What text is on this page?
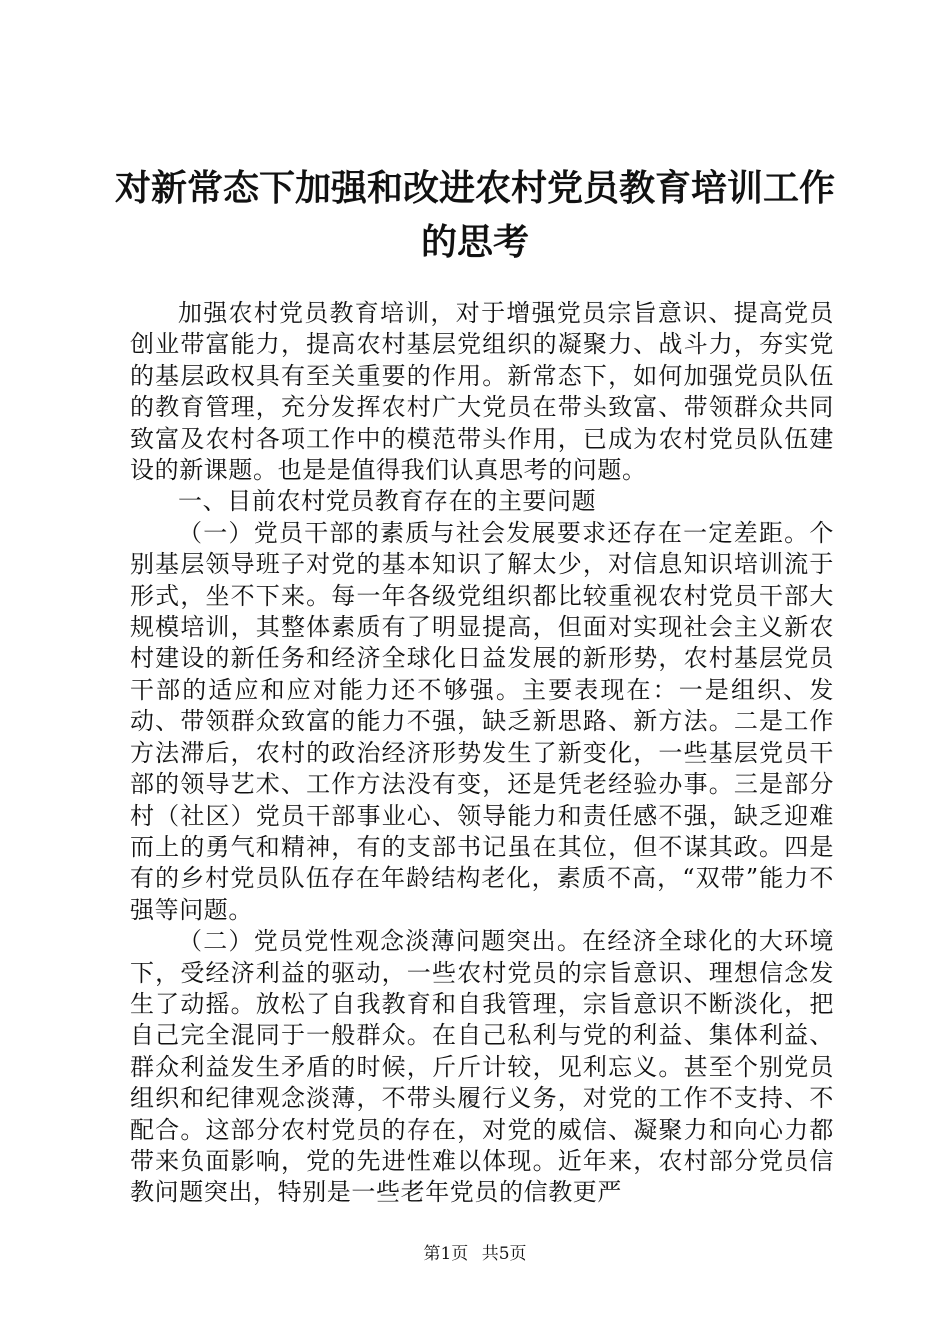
对新常态下加强和改进农村党员教育培训工作
的思考

加强农村党员教育培训，对于增强党员宗旨意识、提高党员创业带富能力，提高农村基层党组织的凝聚力、战斗力，夯实党的基层政权具有至关重要的作用。新常态下，如何加强党员队伍的教育管理，充分发挥农村广大党员在带头致富、带领群众共同致富及农村各项工作中的模范带头作用，已成为农村党员队伍建设的新课题。也是是值得我们认真思考的问题。

一、目前农村党员教育存在的主要问题

（一）党员干部的素质与社会发展要求还存在一定差距。个别基层领导班子对党的基本知识了解太少，对信息知识培训流于形式，坐不下来。每一年各级党组织都比较重视农村党员干部大规模培训，其整体素质有了明显提高，但面对实现社会主义新农村建设的新任务和经济全球化日益发展的新形势，农村基层党员干部的适应和应对能力还不够强。主要表现在：一是组织、发动、带领群众致富的能力不强，缺乏新思路、新方法。二是工作方法滞后，农村的政治经济形势发生了新变化，一些基层党员干部的领导艺术、工作方法没有变，还是凭老经验办事。三是部分村（社区）党员干部事业心、领导能力和责任感不强，缺乏迎难而上的勇气和精神，有的支部书记虽在其位，但不谋其政。四是有的乡村党员队伍存在年龄结构老化，素质不高，“双带”能力不强等问题。

（二）党员党性观念淡薄问题突出。在经济全球化的大环境下，受经济利益的驱动，一些农村党员的宗旨意识、理想信念发生了动摇。放松了自我教育和自我管理，宗旨意识不断淡化，把自己完全混同于一般群众。在自己私利与党的利益、集体利益、群众利益发生矛盾的时候，斤斤计较，见利忘义。甚至个别党员组织和纪律观念淡薄，不带头履行义务，对党的工作不支持、不配合。这部分农村党员的存在，对党的威信、凝聚力和向心力都带来负面影响，党的先进性难以体现。近年来，农村部分党员信教问题突出，特别是一些老年党员的信教更严

第1页 共5页
